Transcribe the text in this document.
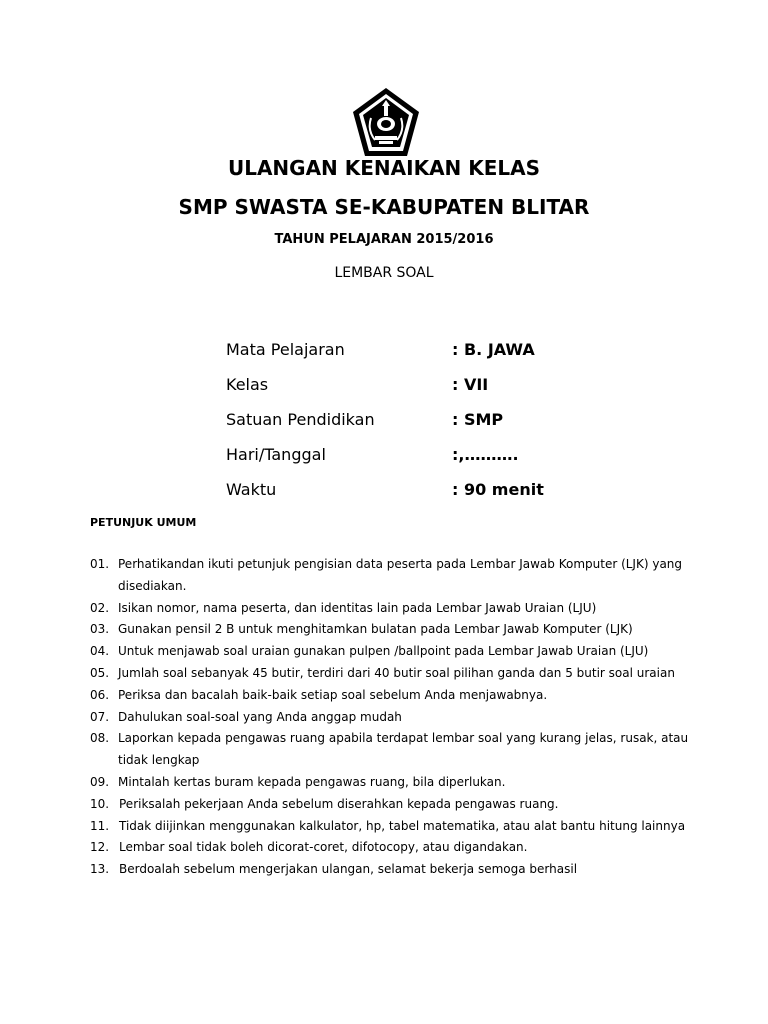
ULANGAN KENAIKAN KELAS
SMP SWASTA SE-KABUPATEN BLITAR
TAHUN PELAJARAN 2015/2016
LEMBAR SOAL
Mata Pelajaran	: B. JAWA
Kelas	: VII
Satuan Pendidikan	: SMP
Hari/Tanggal	:,……….
Waktu	: 90 menit
PETUNJUK UMUM
01. Perhatikandan ikuti petunjuk pengisian data peserta pada Lembar Jawab Komputer (LJK) yang disediakan.
02. Isikan nomor, nama peserta, dan identitas lain pada Lembar Jawab Uraian (LJU)
03. Gunakan pensil 2 B untuk menghitamkan bulatan pada Lembar Jawab Komputer (LJK)
04. Untuk menjawab soal uraian gunakan pulpen /ballpoint pada Lembar Jawab Uraian (LJU)
05. Jumlah soal sebanyak 45 butir, terdiri dari 40 butir soal pilihan ganda dan 5 butir soal uraian
06. Periksa dan bacalah baik-baik setiap soal sebelum Anda menjawabnya.
07. Dahulukan soal-soal yang Anda anggap mudah
08. Laporkan kepada pengawas ruang apabila terdapat lembar soal yang kurang jelas, rusak, atau tidak lengkap
09. Mintalah kertas buram kepada pengawas ruang, bila diperlukan.
10. Periksalah pekerjaan Anda sebelum diserahkan kepada pengawas ruang.
11. Tidak diijinkan menggunakan kalkulator, hp, tabel matematika, atau alat bantu hitung lainnya
12. Lembar soal tidak boleh dicorat-coret, difotocopy, atau digandakan.
13. Berdoalah sebelum mengerjakan ulangan, selamat bekerja semoga berhasil
